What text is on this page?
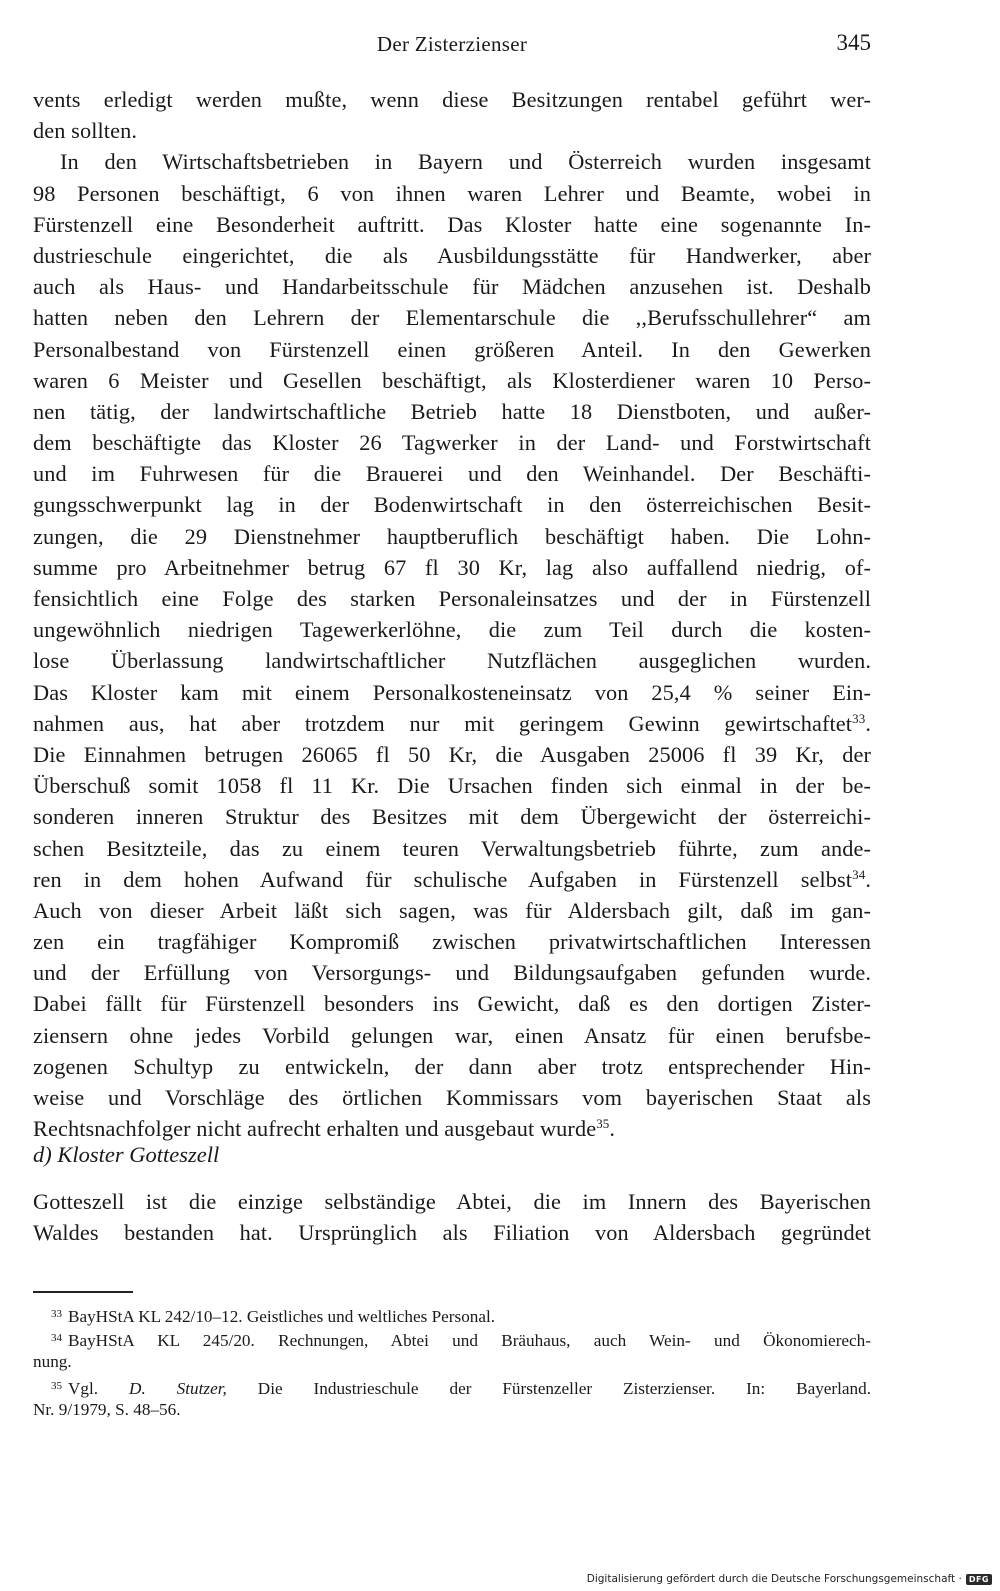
Der Zisterzienser	345
vents erledigt werden mußte, wenn diese Besitzungen rentabel geführt wer-
den sollten.
In den Wirtschaftsbetrieben in Bayern und Österreich wurden insgesamt
98 Personen beschäftigt, 6 von ihnen waren Lehrer und Beamte, wobei in
Fürstenzell eine Besonderheit auftritt. Das Kloster hatte eine sogenannte In-
dustrieschule eingerichtet, die als Ausbildungsstätte für Handwerker, aber
auch als Haus- und Handarbeitsschule für Mädchen anzusehen ist. Deshalb
hatten neben den Lehrern der Elementarschule die ,,Berufsschullehrer“ am
Personalbestand von Fürstenzell einen größeren Anteil. In den Gewerken
waren 6 Meister und Gesellen beschäftigt, als Klosterdiener waren 10 Perso-
nen tätig, der landwirtschaftliche Betrieb hatte 18 Dienstboten, und außer-
dem beschäftigte das Kloster 26 Tagwerker in der Land- und Forstwirtschaft
und im Fuhrwesen für die Brauerei und den Weinhandel. Der Beschäfti-
gungsschwerpunkt lag in der Bodenwirtschaft in den österreichischen Besit-
zungen, die 29 Dienstnehmer hauptberuflich beschäftigt haben. Die Lohn-
summe pro Arbeitnehmer betrug 67 fl 30 Kr, lag also auffallend niedrig, of-
fensichtlich eine Folge des starken Personaleinsatzes und der in Fürstenzell
ungewöhnlich niedrigen Tagewerkerlöhne, die zum Teil durch die kosten-
lose Überlassung landwirtschaftlicher Nutzflächen ausgeglichen wurden.
Das Kloster kam mit einem Personalkosteneinsatz von 25,4 % seiner Ein-
nahmen aus, hat aber trotzdem nur mit geringem Gewinn gewirtschaftet$^{33}$.
Die Einnahmen betrugen 26065 fl 50 Kr, die Ausgaben 25006 fl 39 Kr, der
Überschuß somit 1058 fl 11 Kr. Die Ursachen finden sich einmal in der be-
sonderen inneren Struktur des Besitzes mit dem Übergewicht der österreichi-
schen Besitzteile, das zu einem teuren Verwaltungsbetrieb führte, zum ande-
ren in dem hohen Aufwand für schulische Aufgaben in Fürstenzell selbst$^{34}$.
Auch von dieser Arbeit läßt sich sagen, was für Aldersbach gilt, daß im gan-
zen ein tragfähiger Kompromiß zwischen privatwirtschaftlichen Interessen
und der Erfüllung von Versorgungs- und Bildungsaufgaben gefunden wurde.
Dabei fällt für Fürstenzell besonders ins Gewicht, daß es den dortigen Zister-
ziensern ohne jedes Vorbild gelungen war, einen Ansatz für einen berufsbe-
zogenen Schultyp zu entwickeln, der dann aber trotz entsprechender Hin-
weise und Vorschläge des örtlichen Kommissars vom bayerischen Staat als
Rechtsnachfolger nicht aufrecht erhalten und ausgebaut wurde$^{35}$.
d) Kloster Gotteszell
Gotteszell ist die einzige selbständige Abtei, die im Innern des Bayerischen
Waldes bestanden hat. Ursprünglich als Filiation von Aldersbach gegründet
$^{33}$ BayHStA KL 242/10–12. Geistliches und weltliches Personal.
$^{34}$ BayHStA KL 245/20. Rechnungen, Abtei und Bräuhaus, auch Wein- und Ökonomierech-
nung.
$^{35}$ Vgl. D. Stutzer, Die Industrieschule der Fürstenzeller Zisterzienser. In: Bayerland.
Nr. 9/1979, S. 48–56.
Digitalisierung gefördert durch die Deutsche Forschungsgemeinschaft · DFG
